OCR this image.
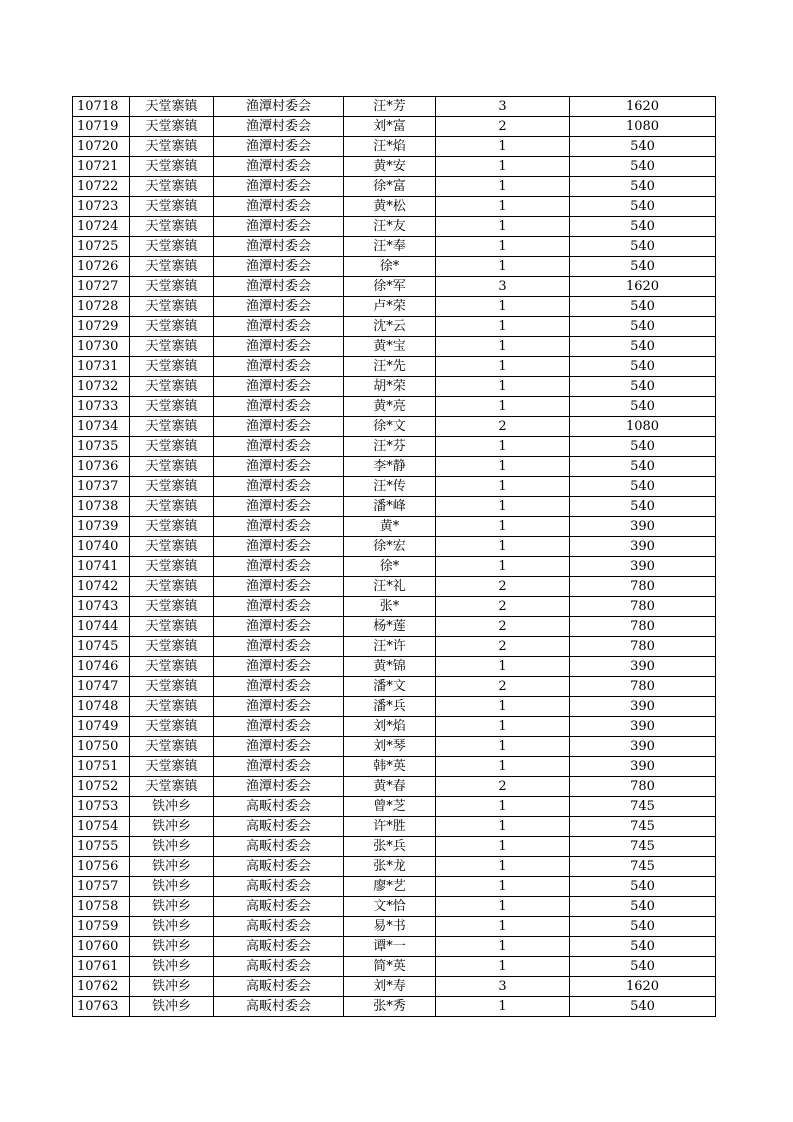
10718	天堂寨镇	渔潭村委会	汪*芳	3	1620
10719	天堂寨镇	渔潭村委会	刘*富	2	1080
10720	天堂寨镇	渔潭村委会	汪*焰	1	540
10721	天堂寨镇	渔潭村委会	黄*安	1	540
10722	天堂寨镇	渔潭村委会	徐*富	1	540
10723	天堂寨镇	渔潭村委会	黄*松	1	540
10724	天堂寨镇	渔潭村委会	汪*友	1	540
10725	天堂寨镇	渔潭村委会	汪*奉	1	540
10726	天堂寨镇	渔潭村委会	徐*	1	540
10727	天堂寨镇	渔潭村委会	徐*军	3	1620
10728	天堂寨镇	渔潭村委会	卢*荣	1	540
10729	天堂寨镇	渔潭村委会	沈*云	1	540
10730	天堂寨镇	渔潭村委会	黄*宝	1	540
10731	天堂寨镇	渔潭村委会	汪*先	1	540
10732	天堂寨镇	渔潭村委会	胡*荣	1	540
10733	天堂寨镇	渔潭村委会	黄*亮	1	540
10734	天堂寨镇	渔潭村委会	徐*文	2	1080
10735	天堂寨镇	渔潭村委会	汪*芬	1	540
10736	天堂寨镇	渔潭村委会	李*静	1	540
10737	天堂寨镇	渔潭村委会	汪*传	1	540
10738	天堂寨镇	渔潭村委会	潘*峰	1	540
10739	天堂寨镇	渔潭村委会	黄*	1	390
10740	天堂寨镇	渔潭村委会	徐*宏	1	390
10741	天堂寨镇	渔潭村委会	徐*	1	390
10742	天堂寨镇	渔潭村委会	汪*礼	2	780
10743	天堂寨镇	渔潭村委会	张*	2	780
10744	天堂寨镇	渔潭村委会	杨*莲	2	780
10745	天堂寨镇	渔潭村委会	汪*许	2	780
10746	天堂寨镇	渔潭村委会	黄*锦	1	390
10747	天堂寨镇	渔潭村委会	潘*文	2	780
10748	天堂寨镇	渔潭村委会	潘*兵	1	390
10749	天堂寨镇	渔潭村委会	刘*焰	1	390
10750	天堂寨镇	渔潭村委会	刘*琴	1	390
10751	天堂寨镇	渔潭村委会	韩*英	1	390
10752	天堂寨镇	渔潭村委会	黄*春	2	780
10753	铁冲乡	高畈村委会	曾*芝	1	745
10754	铁冲乡	高畈村委会	许*胜	1	745
10755	铁冲乡	高畈村委会	张*兵	1	745
10756	铁冲乡	高畈村委会	张*龙	1	745
10757	铁冲乡	高畈村委会	廖*艺	1	540
10758	铁冲乡	高畈村委会	文*恰	1	540
10759	铁冲乡	高畈村委会	易*书	1	540
10760	铁冲乡	高畈村委会	谭*一	1	540
10761	铁冲乡	高畈村委会	简*英	1	540
10762	铁冲乡	高畈村委会	刘*寿	3	1620
10763	铁冲乡	高畈村委会	张*秀	1	540
